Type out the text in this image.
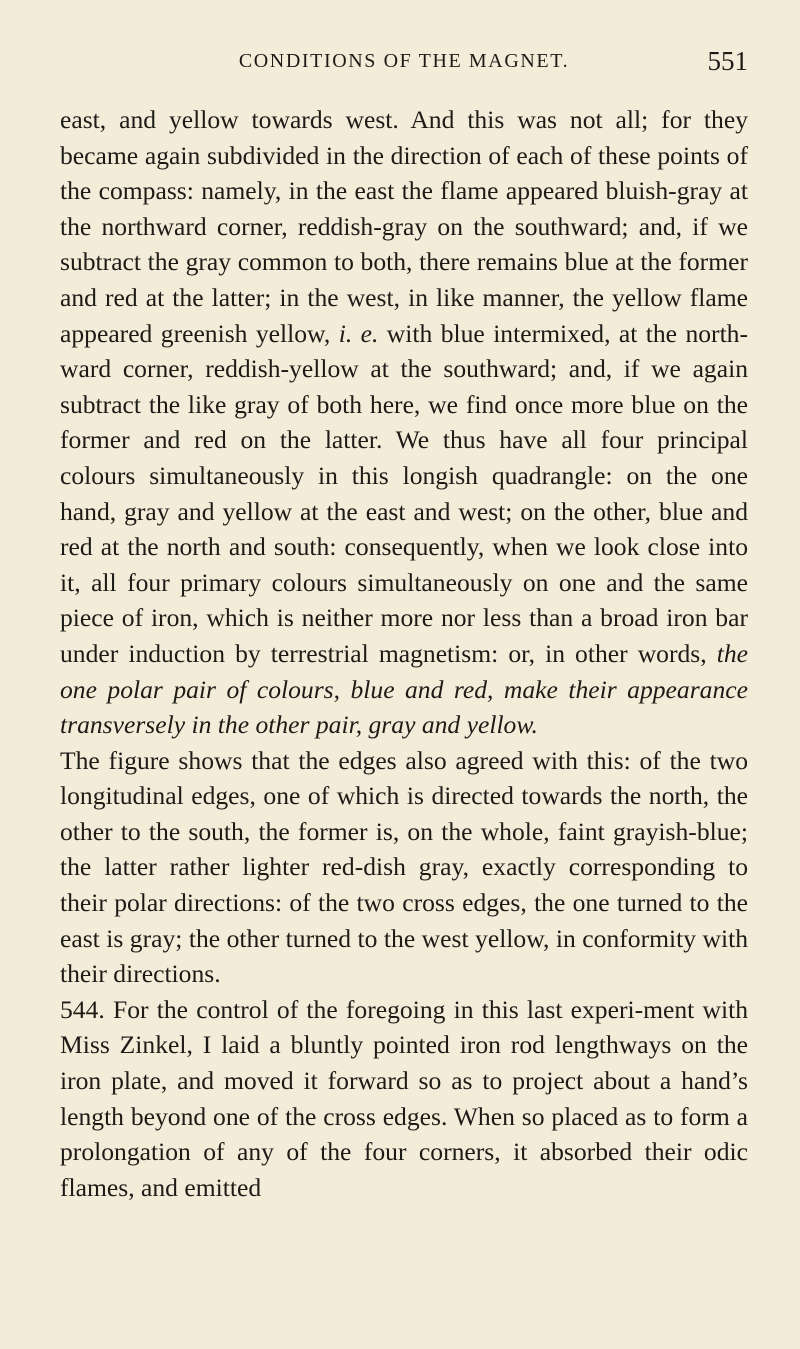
CONDITIONS OF THE MAGNET.	551

east, and yellow towards west. And this was not all; for they became again subdivided in the direction of each of these points of the compass: namely, in the east the flame appeared bluish-gray at the northward corner, reddish-gray on the southward; and, if we subtract the gray common to both, there remains blue at the former and red at the latter; in the west, in like manner, the yellow flame appeared greenish yellow, i. e. with blue intermixed, at the north-ward corner, reddish-yellow at the southward; and, if we again subtract the like gray of both here, we find once more blue on the former and red on the latter. We thus have all four principal colours simultaneously in this longish quadrangle: on the one hand, gray and yellow at the east and west; on the other, blue and red at the north and south: consequently, when we look close into it, all four primary colours simultaneously on one and the same piece of iron, which is neither more nor less than a broad iron bar under induction by terrestrial magnetism: or, in other words, the one polar pair of colours, blue and red, make their appearance transversely in the other pair, gray and yellow.

The figure shows that the edges also agreed with this: of the two longitudinal edges, one of which is directed towards the north, the other to the south, the former is, on the whole, faint grayish-blue; the latter rather lighter red-dish gray, exactly corresponding to their polar directions: of the two cross edges, the one turned to the east is gray; the other turned to the west yellow, in conformity with their directions.

544. For the control of the foregoing in this last experi-ment with Miss Zinkel, I laid a bluntly pointed iron rod lengthways on the iron plate, and moved it forward so as to project about a hand’s length beyond one of the cross edges. When so placed as to form a prolongation of any of the four corners, it absorbed their odic flames, and emitted
